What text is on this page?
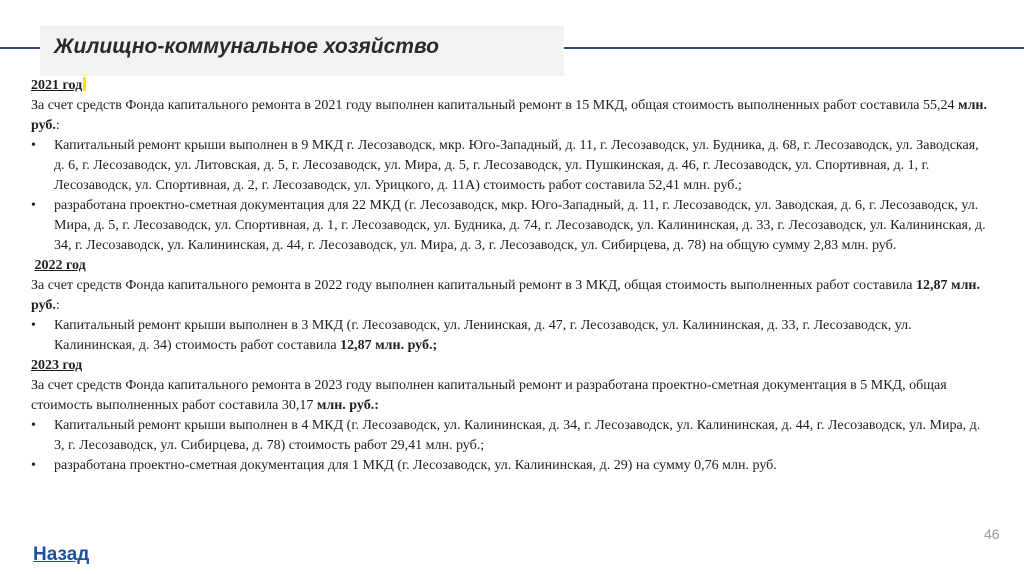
Жилищно-коммунальное хозяйство

2021 год

За счет средств Фонда капитального ремонта в 2021 году выполнен капитальный ремонт в 15 МКД, общая стоимость выполненных работ составила 55,24 млн. руб.:

•	Капитальный ремонт крыши выполнен в 9 МКД г. Лесозаводск, мкр. Юго-Западный, д. 11, г. Лесозаводск, ул. Будника, д. 68, г. Лесозаводск, ул. Заводская, д. 6, г. Лесозаводск, ул. Литовская, д. 5, г. Лесозаводск, ул. Мира, д. 5, г. Лесозаводск, ул. Пушкинская, д. 46, г. Лесозаводск, ул. Спортивная, д. 1, г. Лесозаводск, ул. Спортивная, д. 2, г. Лесозаводск, ул. Урицкого, д. 11А) стоимость работ составила 52,41 млн. руб.;
•	разработана проектно-сметная документация для 22 МКД (г. Лесозаводск, мкр. Юго-Западный, д. 11, г. Лесозаводск, ул. Заводская, д. 6, г. Лесозаводск, ул. Мира, д. 5, г. Лесозаводск, ул. Спортивная, д. 1, г. Лесозаводск, ул. Будника, д. 74, г. Лесозаводск, ул. Калининская, д. 33, г. Лесозаводск, ул. Калининская, д. 34, г. Лесозаводск, ул. Калининская, д. 44, г. Лесозаводск, ул. Мира, д. 3, г. Лесозаводск, ул. Сибирцева, д. 78) на общую сумму 2,83 млн. руб.

2022 год

За счет средств Фонда капитального ремонта в 2022 году выполнен капитальный ремонт в 3 МКД, общая стоимость выполненных работ составила 12,87 млн. руб.:

•	Капитальный ремонт крыши выполнен в 3 МКД (г. Лесозаводск, ул. Ленинская, д. 47, г. Лесозаводск, ул. Калининская, д. 33, г. Лесозаводск, ул. Калининская, д. 34) стоимость работ составила 12,87 млн. руб.;

2023 год

За счет средств Фонда капитального ремонта в 2023 году выполнен капитальный ремонт и разработана проектно-сметная документация в 5 МКД, общая стоимость выполненных работ составила 30,17 млн. руб.:

•	Капитальный ремонт крыши выполнен в 4 МКД (г. Лесозаводск, ул. Калининская, д. 34, г. Лесозаводск, ул. Калининская, д. 44, г. Лесозаводск, ул. Мира, д. 3, г. Лесозаводск, ул. Сибирцева, д. 78) стоимость работ 29,41 млн. руб.;
•	разработана проектно-сметная документация для 1 МКД (г. Лесозаводск, ул. Калининская, д. 29) на сумму 0,76 млн. руб.
46
Назад
